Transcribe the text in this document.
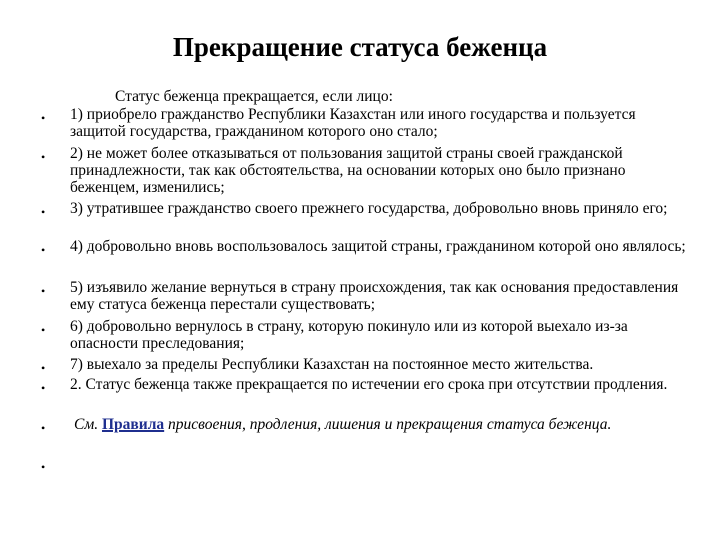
Прекращение статуса беженца
Статус беженца прекращается, если лицо:
•
•
•
•
•
•
•
•
•
•
1) приобрело гражданство Республики Казахстан или иного государства и пользуется защитой государства, гражданином которого оно стало;
2) не может более отказываться от пользования защитой страны своей гражданской принадлежности, так как обстоятельства, на основании которых оно было признано беженцем, изменились;
3) утратившее гражданство своего прежнего государства, добровольно вновь приняло его;
4) добровольно вновь воспользовалось защитой страны, гражданином которой оно являлось;
5) изъявило желание вернуться в страну происхождения, так как основания предоставления ему статуса беженца перестали существовать;
6) добровольно вернулось в страну, которую покинуло или из которой выехало из-за опасности преследования;
7) выехало за пределы Республики Казахстан на постоянное место жительства.
2. Статус беженца также прекращается по истечении его срока при отсутствии продления.
См. Правила присвоения, продления, лишения и прекращения статуса беженца.
